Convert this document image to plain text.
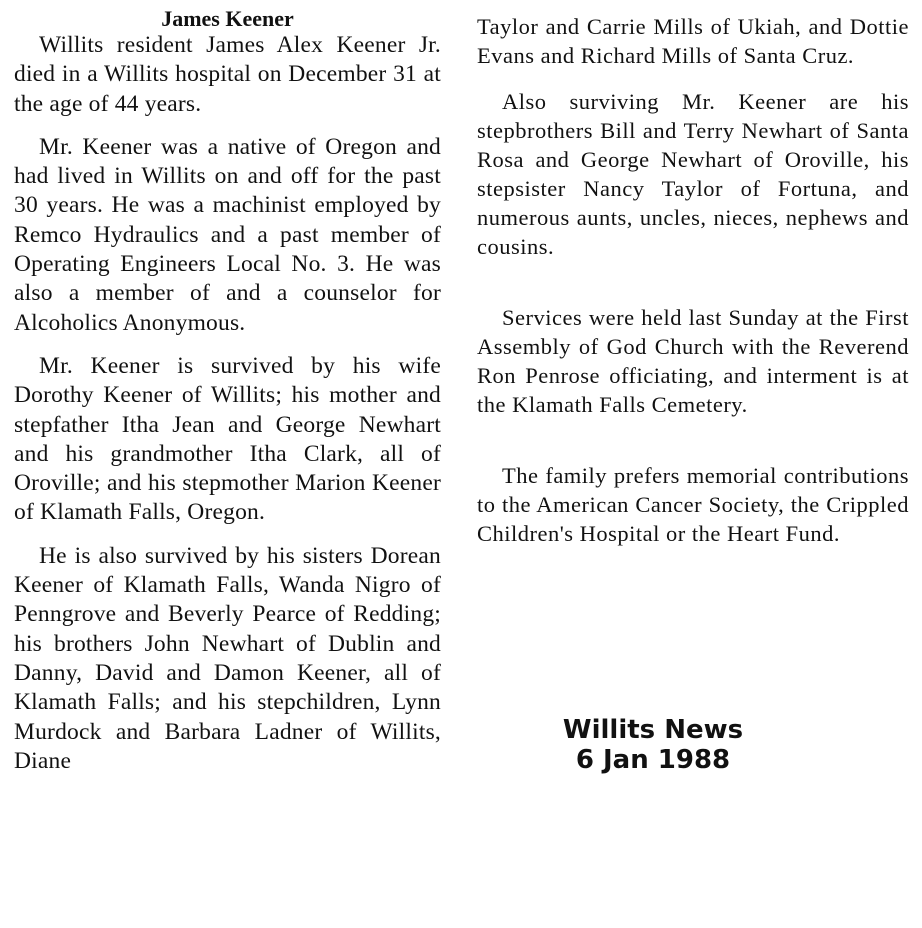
James Keener

Willits resident James Alex Keener Jr. died in a Willits hospital on December 31 at the age of 44 years.

Mr. Keener was a native of Oregon and had lived in Willits on and off for the past 30 years. He was a machinist employed by Remco Hydraulics and a past member of Operating Engineers Local No. 3. He was also a member of and a counselor for Alcoholics Anonymous.

Mr. Keener is survived by his wife Dorothy Keener of Willits; his mother and stepfather Itha Jean and George Newhart and his grandmother Itha Clark, all of Oroville; and his stepmother Marion Keener of Klamath Falls, Oregon.

He is also survived by his sisters Dorean Keener of Klamath Falls, Wanda Nigro of Penngrove and Beverly Pearce of Redding; his brothers John Newhart of Dublin and Danny, David and Damon Keener, all of Klamath Falls; and his stepchildren, Lynn Murdock and Barbara Ladner of Willits, Diane

Taylor and Carrie Mills of Ukiah, and Dottie Evans and Richard Mills of Santa Cruz.

Also surviving Mr. Keener are his stepbrothers Bill and Terry Newhart of Santa Rosa and George Newhart of Oroville, his stepsister Nancy Taylor of Fortuna, and numerous aunts, uncles, nieces, nephews and cousins.

Services were held last Sunday at the First Assembly of God Church with the Reverend Ron Penrose officiating, and interment is at the Klamath Falls Cemetery.

The family prefers memorial contributions to the American Cancer Society, the Crippled Children's Hospital or the Heart Fund.

Willits News
6 Jan 1988
